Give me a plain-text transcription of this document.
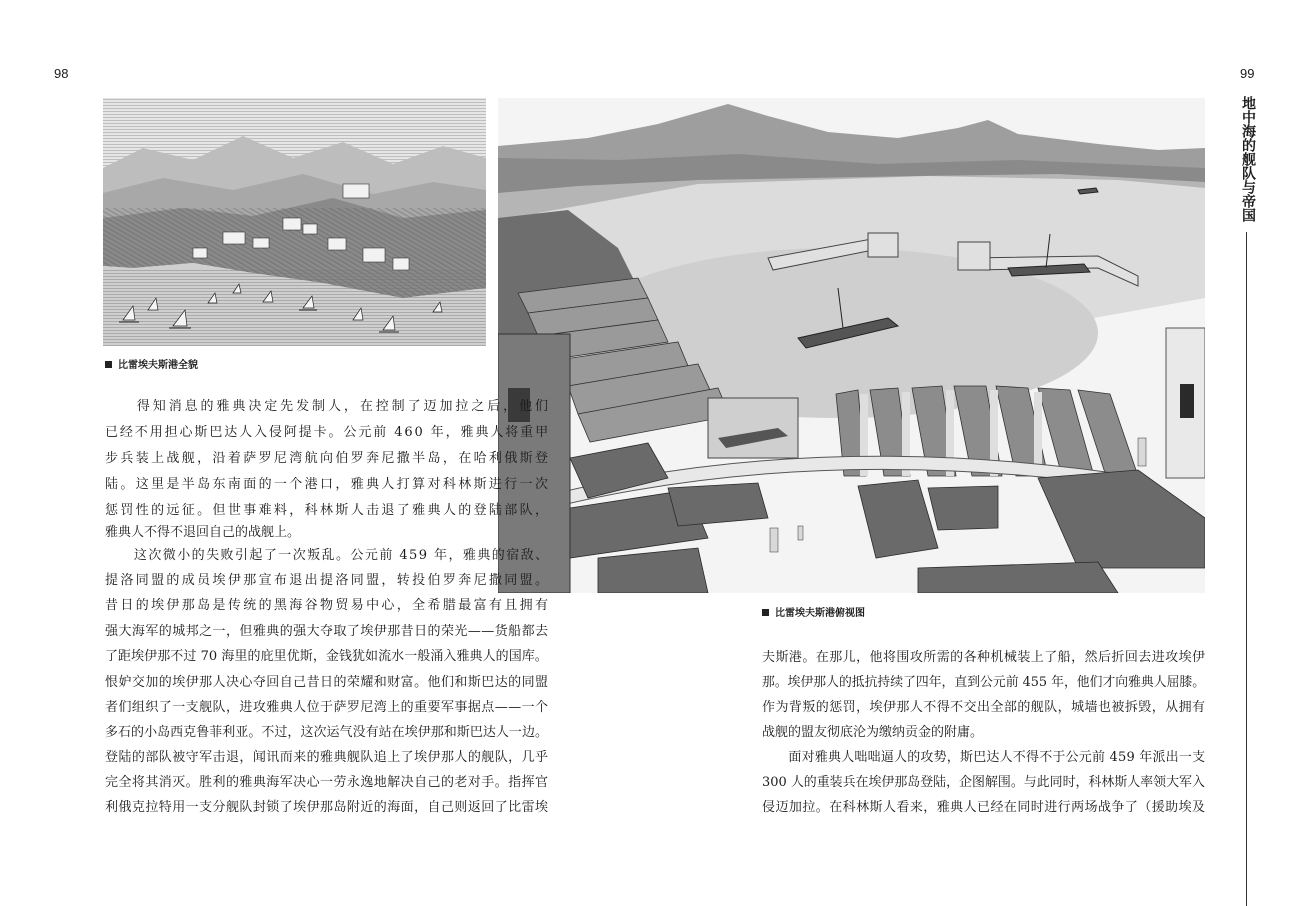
98	99
地中海的舰队与帝国
比雷埃夫斯港全貌
比雷埃夫斯港俯视图
　　得知消息的雅典决定先发制人，在控制了迈加拉之后，他们
已经不用担心斯巴达人入侵阿提卡。公元前 460 年，雅典人将重甲
步兵装上战舰，沿着萨罗尼湾航向伯罗奔尼撒半岛，在哈利俄斯登
陆。这里是半岛东南面的一个港口，雅典人打算对科林斯进行一次
惩罚性的远征。但世事难料，科林斯人击退了雅典人的登陆部队，
雅典人不得不退回自己的战舰上。
　　这次微小的失败引起了一次叛乱。公元前 459 年，雅典的宿敌、
提洛同盟的成员埃伊那宣布退出提洛同盟，转投伯罗奔尼撒同盟。
昔日的埃伊那岛是传统的黑海谷物贸易中心，全希腊最富有且拥有
强大海军的城邦之一，但雅典的强大夺取了埃伊那昔日的荣光——货船都去
了距埃伊那不过 70 海里的庇里优斯，金钱犹如流水一般涌入雅典人的国库。
恨妒交加的埃伊那人决心夺回自己昔日的荣耀和财富。他们和斯巴达的同盟
者们组织了一支舰队，进攻雅典人位于萨罗尼湾上的重要军事据点——一个
多石的小岛西克鲁菲利亚。不过，这次运气没有站在埃伊那和斯巴达人一边。
登陆的部队被守军击退，闻讯而来的雅典舰队追上了埃伊那人的舰队，几乎
完全将其消灭。胜利的雅典海军决心一劳永逸地解决自己的老对手。指挥官
利俄克拉特用一支分舰队封锁了埃伊那岛附近的海面，自己则返回了比雷埃
夫斯港。在那儿，他将围攻所需的各种机械装上了船，然后折回去进攻埃伊
那。埃伊那人的抵抗持续了四年，直到公元前 455 年，他们才向雅典人屈膝。
作为背叛的惩罚，埃伊那人不得不交出全部的舰队，城墙也被拆毁，从拥有
战舰的盟友彻底沦为缴纳贡金的附庸。
　　面对雅典人咄咄逼人的攻势，斯巴达人不得不于公元前 459 年派出一支
300 人的重装兵在埃伊那岛登陆，企图解围。与此同时，科林斯人率领大军入
侵迈加拉。在科林斯人看来，雅典人已经在同时进行两场战争了（援助埃及
